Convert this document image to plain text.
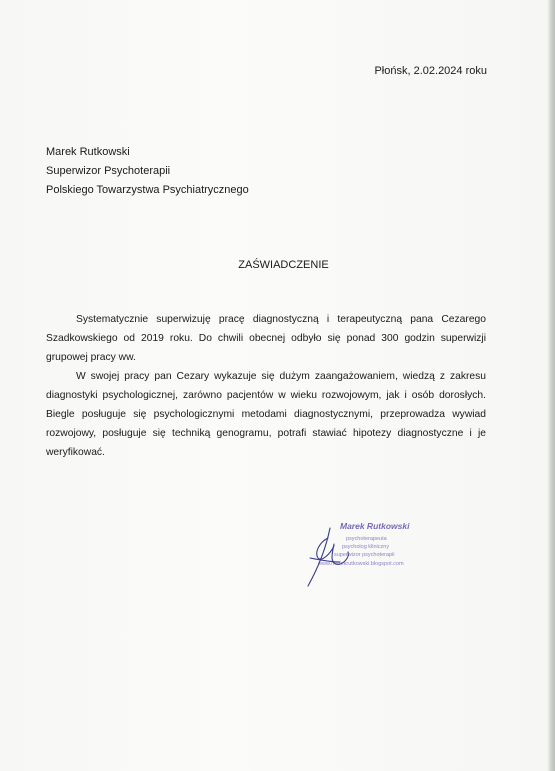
Płońsk, 2.02.2024 roku
Marek Rutkowski
Superwizor Psychoterapii
Polskiego Towarzystwa Psychiatrycznego
ZAŚWIADCZENIE

Systematycznie superwizuję pracę diagnostyczną i terapeutyczną pana Cezarego Szadkowskiego od 2019 roku. Do chwili obecnej odbyło się ponad 300 godzin superwizji grupowej pracy ww.

W swojej pracy pan Cezary wykazuje się dużym zaangażowaniem, wiedzą z zakresu diagnostyki psychologicznej, zarówno pacjentów w wieku rozwojowym, jak i osób dorosłych. Biegle posługuje się psychologicznymi metodami diagnostycznymi, przeprowadza wywiad rozwojowy, posługuje się techniką genogramu, potrafi stawiać hipotezy diagnostyczne i je weryfikować.

Marek Rutkowski
psychoterapeuta
psycholog kliniczny
superwizor psychoterapii
www.marekrutkowski.blogspot.com
